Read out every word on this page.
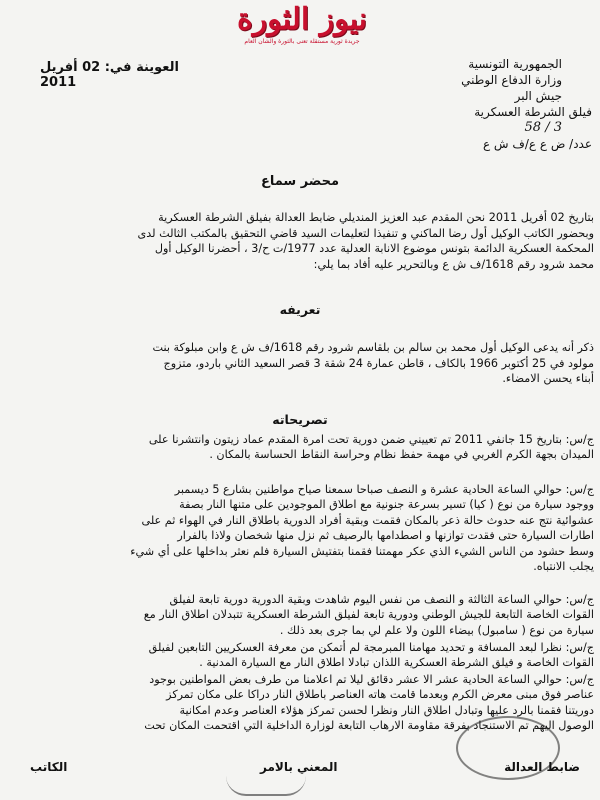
نيوز الثورة
جريدة ثورية مستقلة تعنى بالثورة والشأن العام
الجمهورية التونسية
وزارة الدفاع الوطني
جيش البر
فيلق الشرطة العسكرية
3 / 58
عدد/ ض ع ع/ف ش ع
العوينة في: 02 أفريل 2011
محضر سماع
بتاريخ 02 أفريل 2011 نحن المقدم عبد العزيز المنديلي ضابط العدالة بفيلق الشرطة العسكرية
وبحضور الكاتب الوكيل أول رضا الماكني و تنفيذا لتعليمات السيد قاضي التحقيق بالمكتب الثالث لدى
المحكمة العسكرية الدائمة بتونس موضوع الانابة العدلية عدد 1977/ت ح/3 ، أحضرنا الوكيل أول
محمد شرود رقم 1618/ف ش ع وبالتحرير عليه أفاد بما يلي:
تعريفه
ذكر أنه يدعى الوكيل أول محمد بن سالم بن بلقاسم شرود رقم 1618/ف ش ع وابن مبلوكة بنت
مولود في 25 أكتوبر 1966 بالكاف ، قاطن عمارة 24 شقة 3 قصر السعيد الثاني باردو، متزوج
أبناء يحسن الامضاء.
تصريحاته
ج/س: بتاريخ 15 جانفي 2011 تم تعييني ضمن دورية تحت امرة المقدم عماد زيتون وانتشرنا على
الميدان بجهة الكرم الغربي في مهمة حفظ نظام وحراسة النقاط الحساسة بالمكان .
ج/س: حوالي الساعة الحادية عشرة و النصف صباحا سمعنا صياح مواطنين بشارع 5 ديسمبر
ووجود سيارة من نوع ( كيا) تسير بسرعة جنونية مع اطلاق الموجودين على متنها النار بصفة
عشوائية نتج عنه حدوث حالة ذعر بالمكان فقمت وبقية أفراد الدورية باطلاق النار في الهواء ثم على
اطارات السيارة حتى فقدت توازنها و اصطدامها بالرصيف ثم نزل منها شخصان ولاذا بالفرار
وسط حشود من الناس الشيء الذي عكر مهمتنا فقمنا بتفتيش السيارة فلم نعثر بداخلها على أي شيء
يجلب الانتباه.
ج/س: حوالي الساعة الثالثة و النصف من نفس اليوم شاهدت وبقية الدورية دورية تابعة لفيلق
القوات الخاصة التابعة للجيش الوطني ودورية تابعة لفيلق الشرطة العسكرية تتبدلان اطلاق النار مع
سيارة من نوع ( سامبول) بيضاء اللون ولا علم لي بما جرى بعد ذلك .
ج/س: نظرا لبعد المسافة و تحديد مهامنا المبرمجة لم أتمكن من معرفة العسكريين التابعين لفيلق
القوات الخاصة و فيلق الشرطة العسكرية اللذان تبادلا اطلاق النار مع السيارة المدنية .
ج/س: حوالي الساعة الحادية عشر الا عشر دقائق ليلا تم اعلامنا من طرف بعض المواطنين بوجود
عناصر فوق مبنى معرض الكرم وبعدما قامت هاته العناصر باطلاق النار دراكا على مكان تمركز
دوريتنا فقمنا بالرد عليها وتبادل اطلاق النار ونظرا لحسن تمركز هؤلاء العناصر وعدم امكانية
الوصول اليهم تم الاستنجاد بفرقة مقاومة الارهاب التابعة لوزارة الداخلية التي اقتحمت المكان تحت
ضابط العدالة
المعني بالامر
الكاتب
